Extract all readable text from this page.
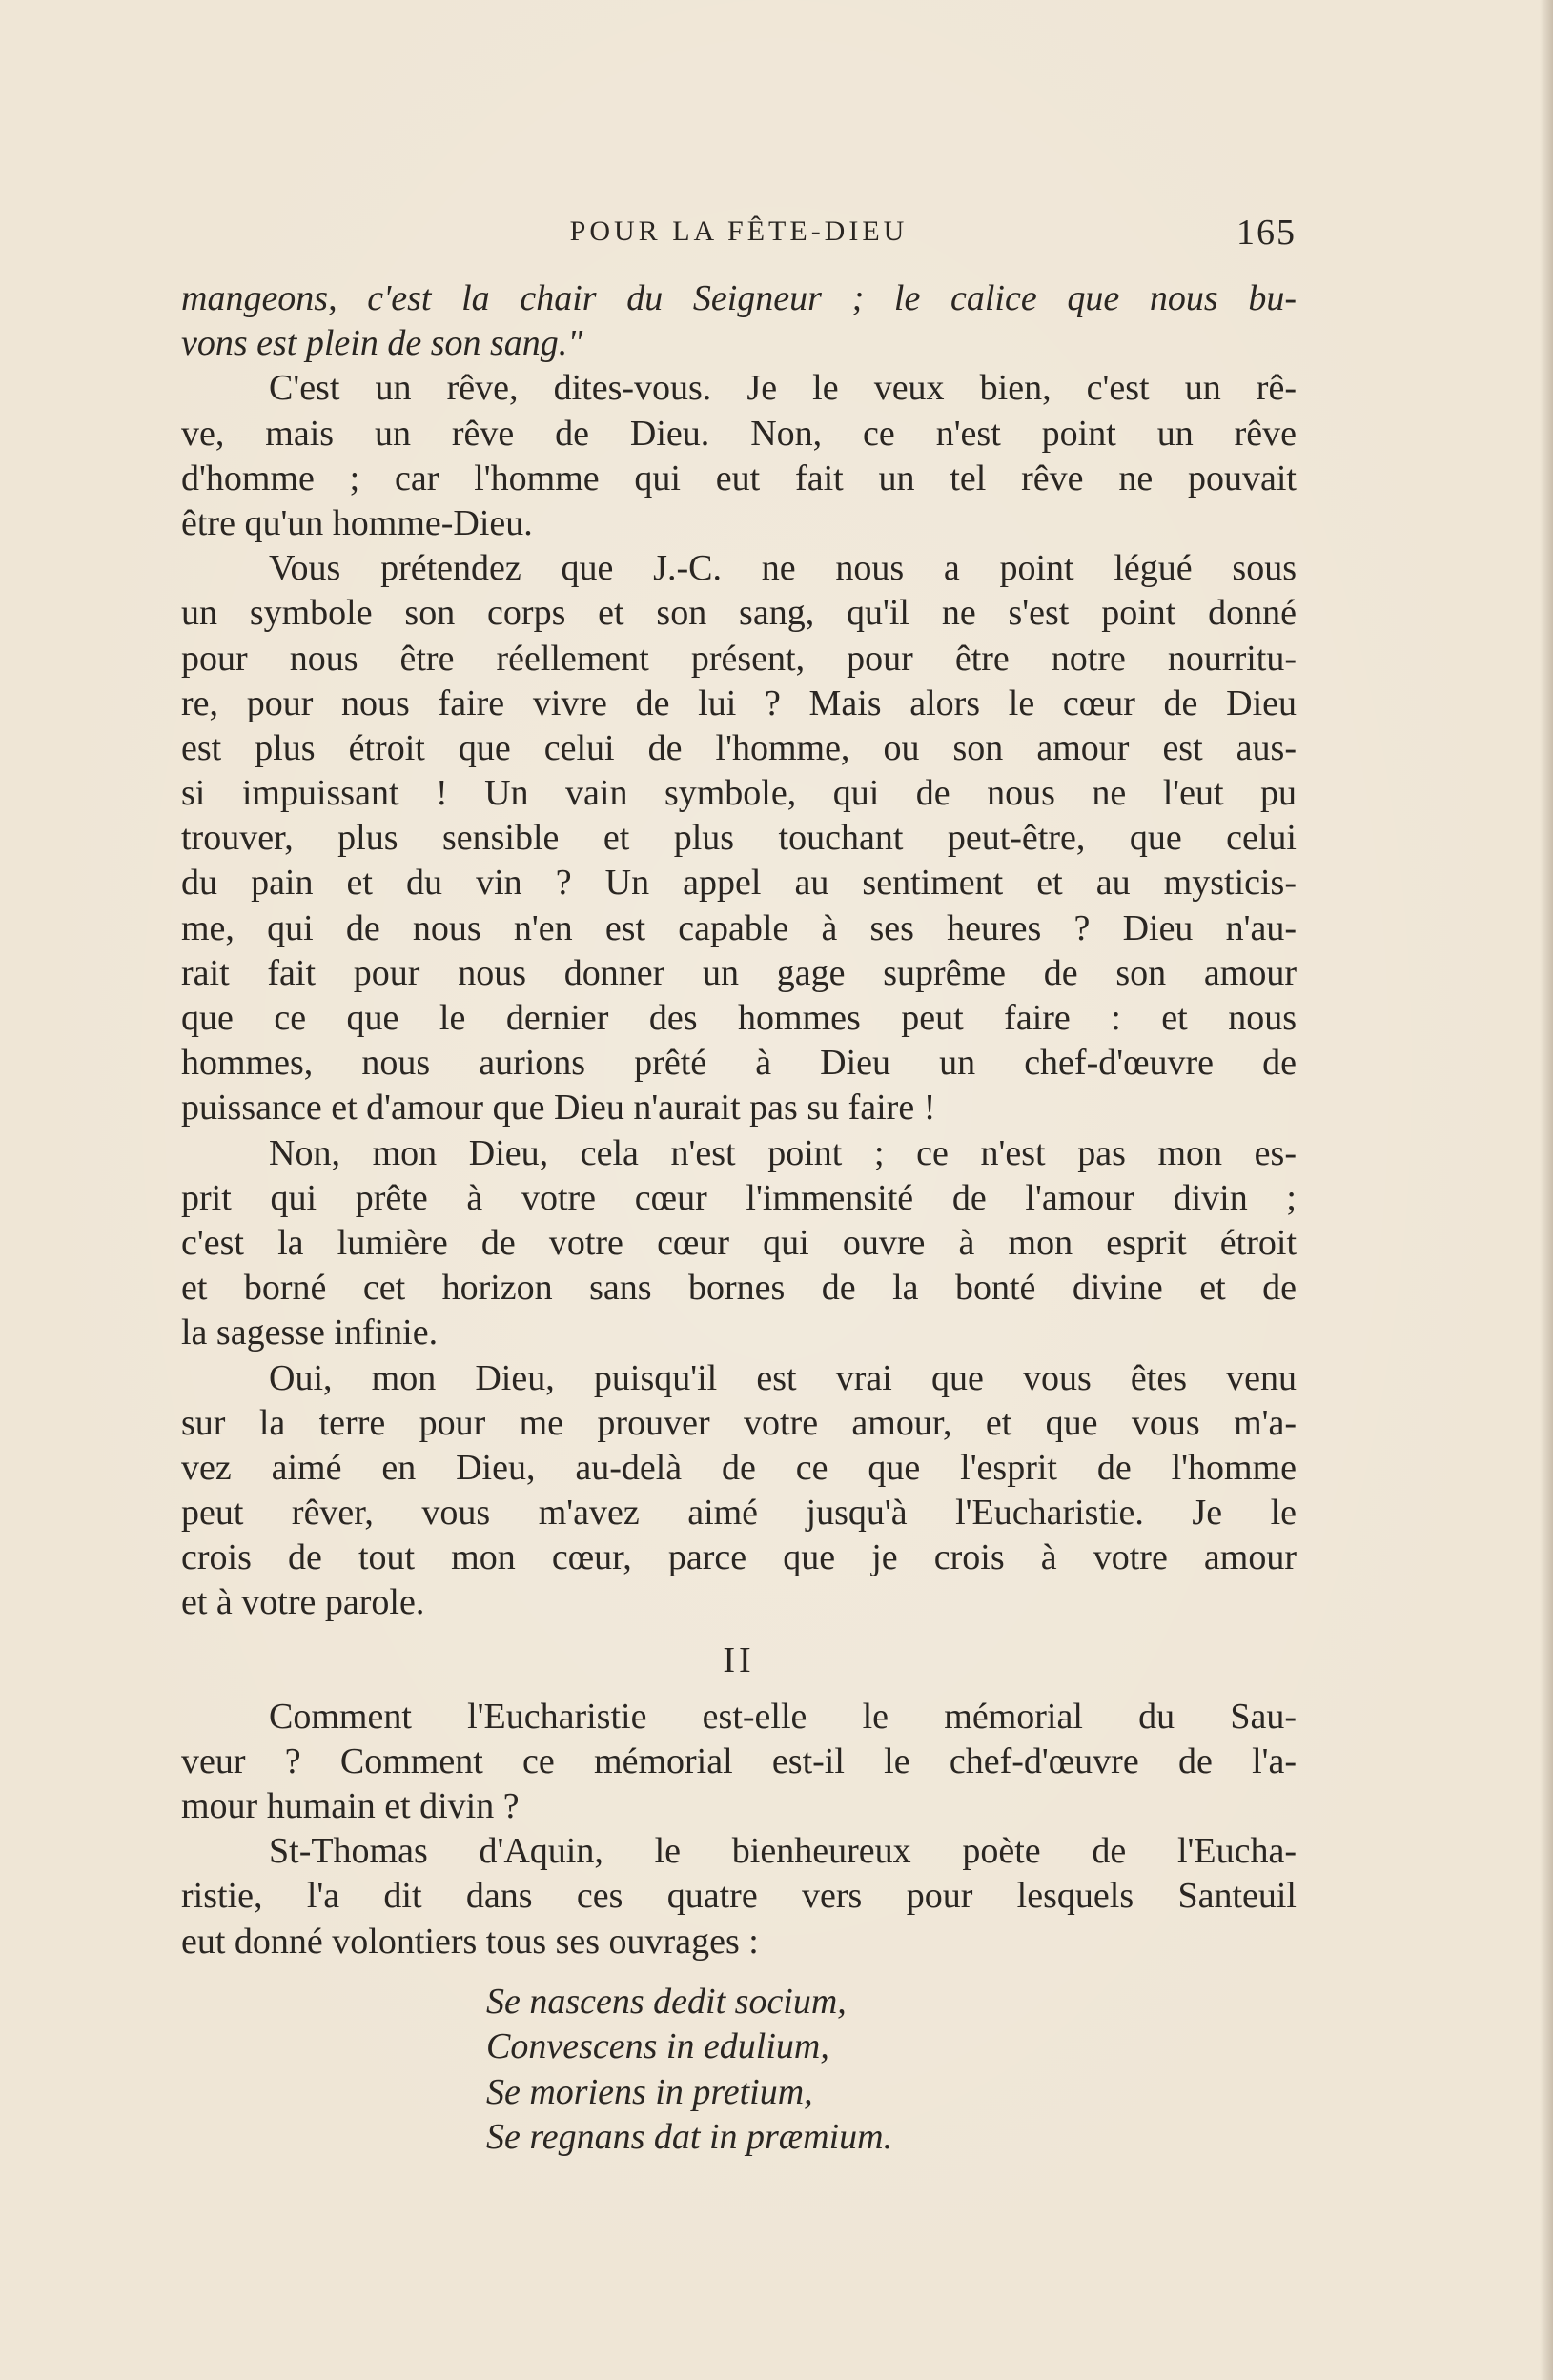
POUR LA FÊTE-DIEU	165
mangeons, c'est la chair du Seigneur ; le calice que nous bu-
vons est plein de son sang."
C'est un rêve, dites-vous. Je le veux bien, c'est un rê-
ve, mais un rêve de Dieu. Non, ce n'est point un rêve
d'homme ; car l'homme qui eut fait un tel rêve ne pouvait
être qu'un homme-Dieu.
Vous prétendez que J.-C. ne nous a point légué sous
un symbole son corps et son sang, qu'il ne s'est point donné
pour nous être réellement présent, pour être notre nourritu-
re, pour nous faire vivre de lui ? Mais alors le cœur de Dieu
est plus étroit que celui de l'homme, ou son amour est aus-
si impuissant ! Un vain symbole, qui de nous ne l'eut pu
trouver, plus sensible et plus touchant peut-être, que celui
du pain et du vin ? Un appel au sentiment et au mysticis-
me, qui de nous n'en est capable à ses heures ? Dieu n'au-
rait fait pour nous donner un gage suprême de son amour
que ce que le dernier des hommes peut faire : et nous
hommes, nous aurions prêté à Dieu un chef-d'œuvre de
puissance et d'amour que Dieu n'aurait pas su faire !
Non, mon Dieu, cela n'est point ; ce n'est pas mon es-
prit qui prête à votre cœur l'immensité de l'amour divin ;
c'est la lumière de votre cœur qui ouvre à mon esprit étroit
et borné cet horizon sans bornes de la bonté divine et de
la sagesse infinie.
Oui, mon Dieu, puisqu'il est vrai que vous êtes venu
sur la terre pour me prouver votre amour, et que vous m'a-
vez aimé en Dieu, au-delà de ce que l'esprit de l'homme
peut rêver, vous m'avez aimé jusqu'à l'Eucharistie. Je le
crois de tout mon cœur, parce que je crois à votre amour
et à votre parole.
II
Comment l'Eucharistie est-elle le mémorial du Sau-
veur ? Comment ce mémorial est-il le chef-d'œuvre de l'a-
mour humain et divin ?
St-Thomas d'Aquin, le bienheureux poète de l'Eucha-
ristie, l'a dit dans ces quatre vers pour lesquels Santeuil
eut donné volontiers tous ses ouvrages :
Se nascens dedit socium,
Convescens in edulium,
Se moriens in pretium,
Se regnans dat in præmium.
